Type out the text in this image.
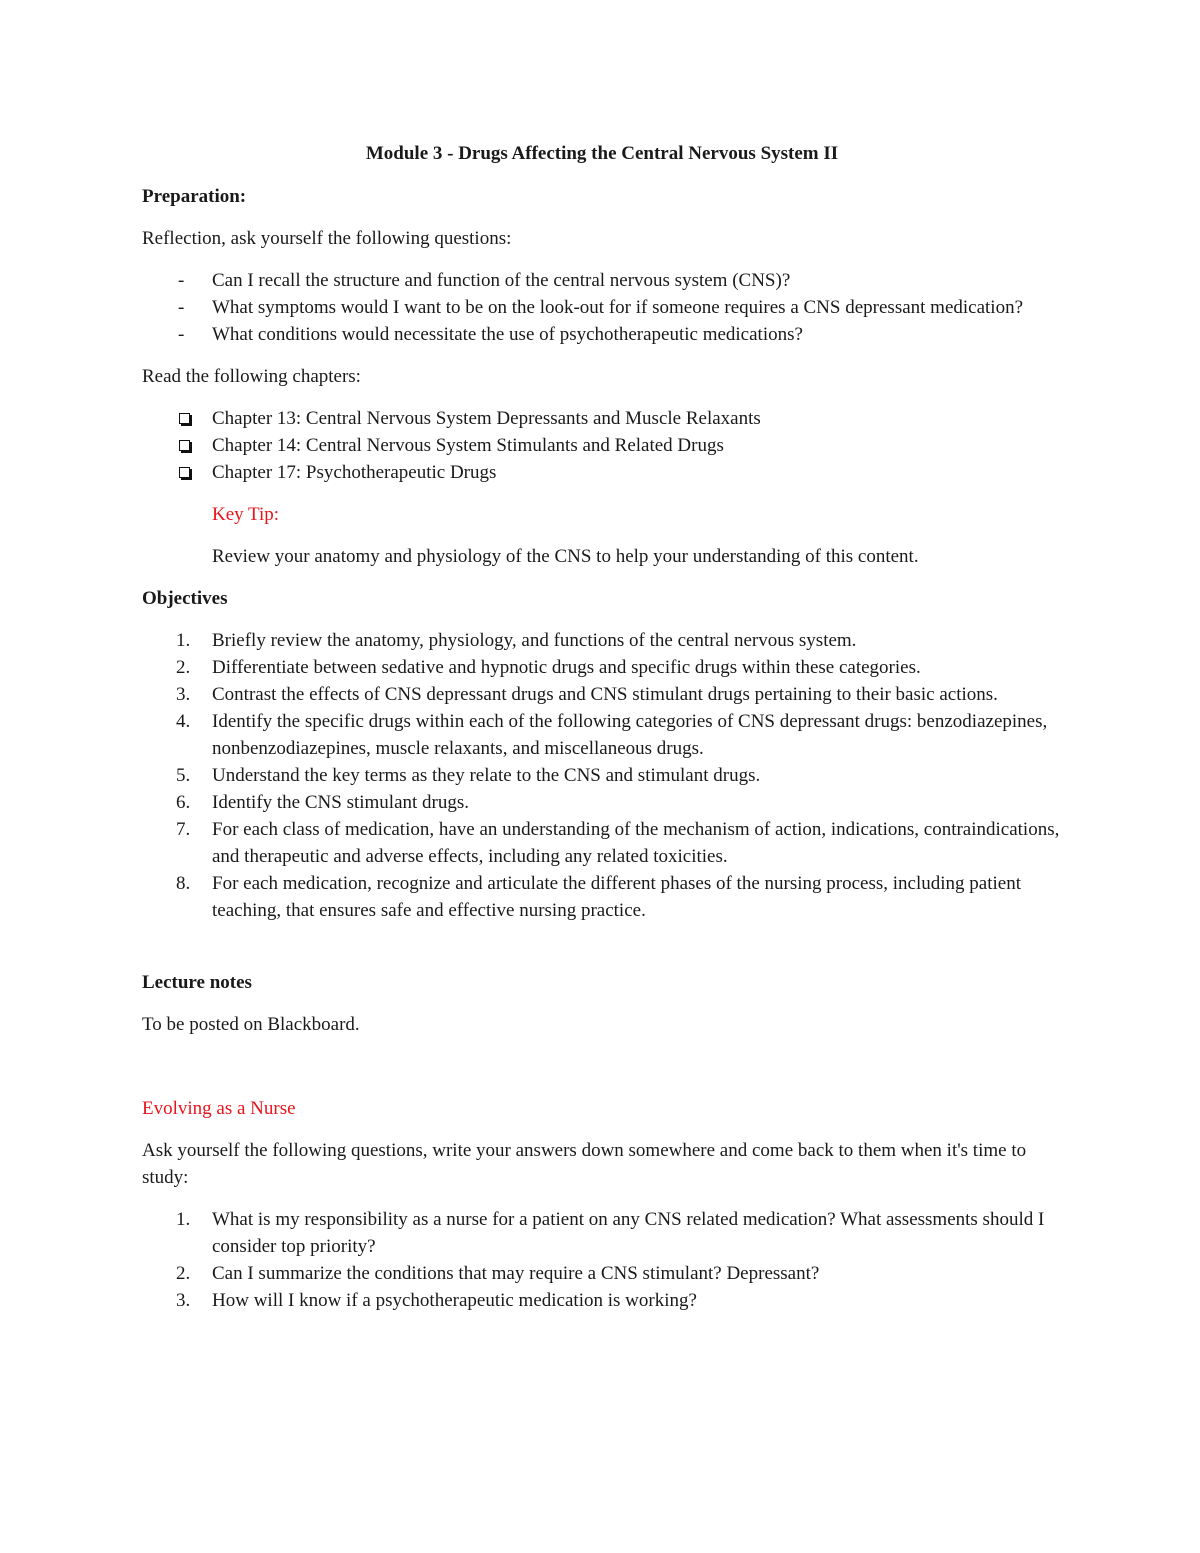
Module 3 - Drugs Affecting the Central Nervous System II
Preparation:

Reflection, ask yourself the following questions:

- Can I recall the structure and function of the central nervous system (CNS)?
- What symptoms would I want to be on the look-out for if someone requires a CNS depressant medication?
- What conditions would necessitate the use of psychotherapeutic medications?

Read the following chapters:

Chapter 13: Central Nervous System Depressants and Muscle Relaxants
Chapter 14: Central Nervous System Stimulants and Related Drugs
Chapter 17: Psychotherapeutic Drugs

Key Tip:

Review your anatomy and physiology of the CNS to help your understanding of this content.

Objectives
1. Briefly review the anatomy, physiology, and functions of the central nervous system.
2. Differentiate between sedative and hypnotic drugs and specific drugs within these categories.
3. Contrast the effects of CNS depressant drugs and CNS stimulant drugs pertaining to their basic actions.
4. Identify the specific drugs within each of the following categories of CNS depressant drugs: benzodiazepines, nonbenzodiazepines, muscle relaxants, and miscellaneous drugs.
5. Understand the key terms as they relate to the CNS and stimulant drugs.
6. Identify the CNS stimulant drugs.
7. For each class of medication, have an understanding of the mechanism of action, indications, contraindications, and therapeutic and adverse effects, including any related toxicities.
8. For each medication, recognize and articulate the different phases of the nursing process, including patient teaching, that ensures safe and effective nursing practice.
Lecture notes

To be posted on Blackboard.

Evolving as a Nurse

Ask yourself the following questions, write your answers down somewhere and come back to them when it's time to study:

1. What is my responsibility as a nurse for a patient on any CNS related medication? What assessments should I consider top priority?
2. Can I summarize the conditions that may require a CNS stimulant? Depressant?
3. How will I know if a psychotherapeutic medication is working?
